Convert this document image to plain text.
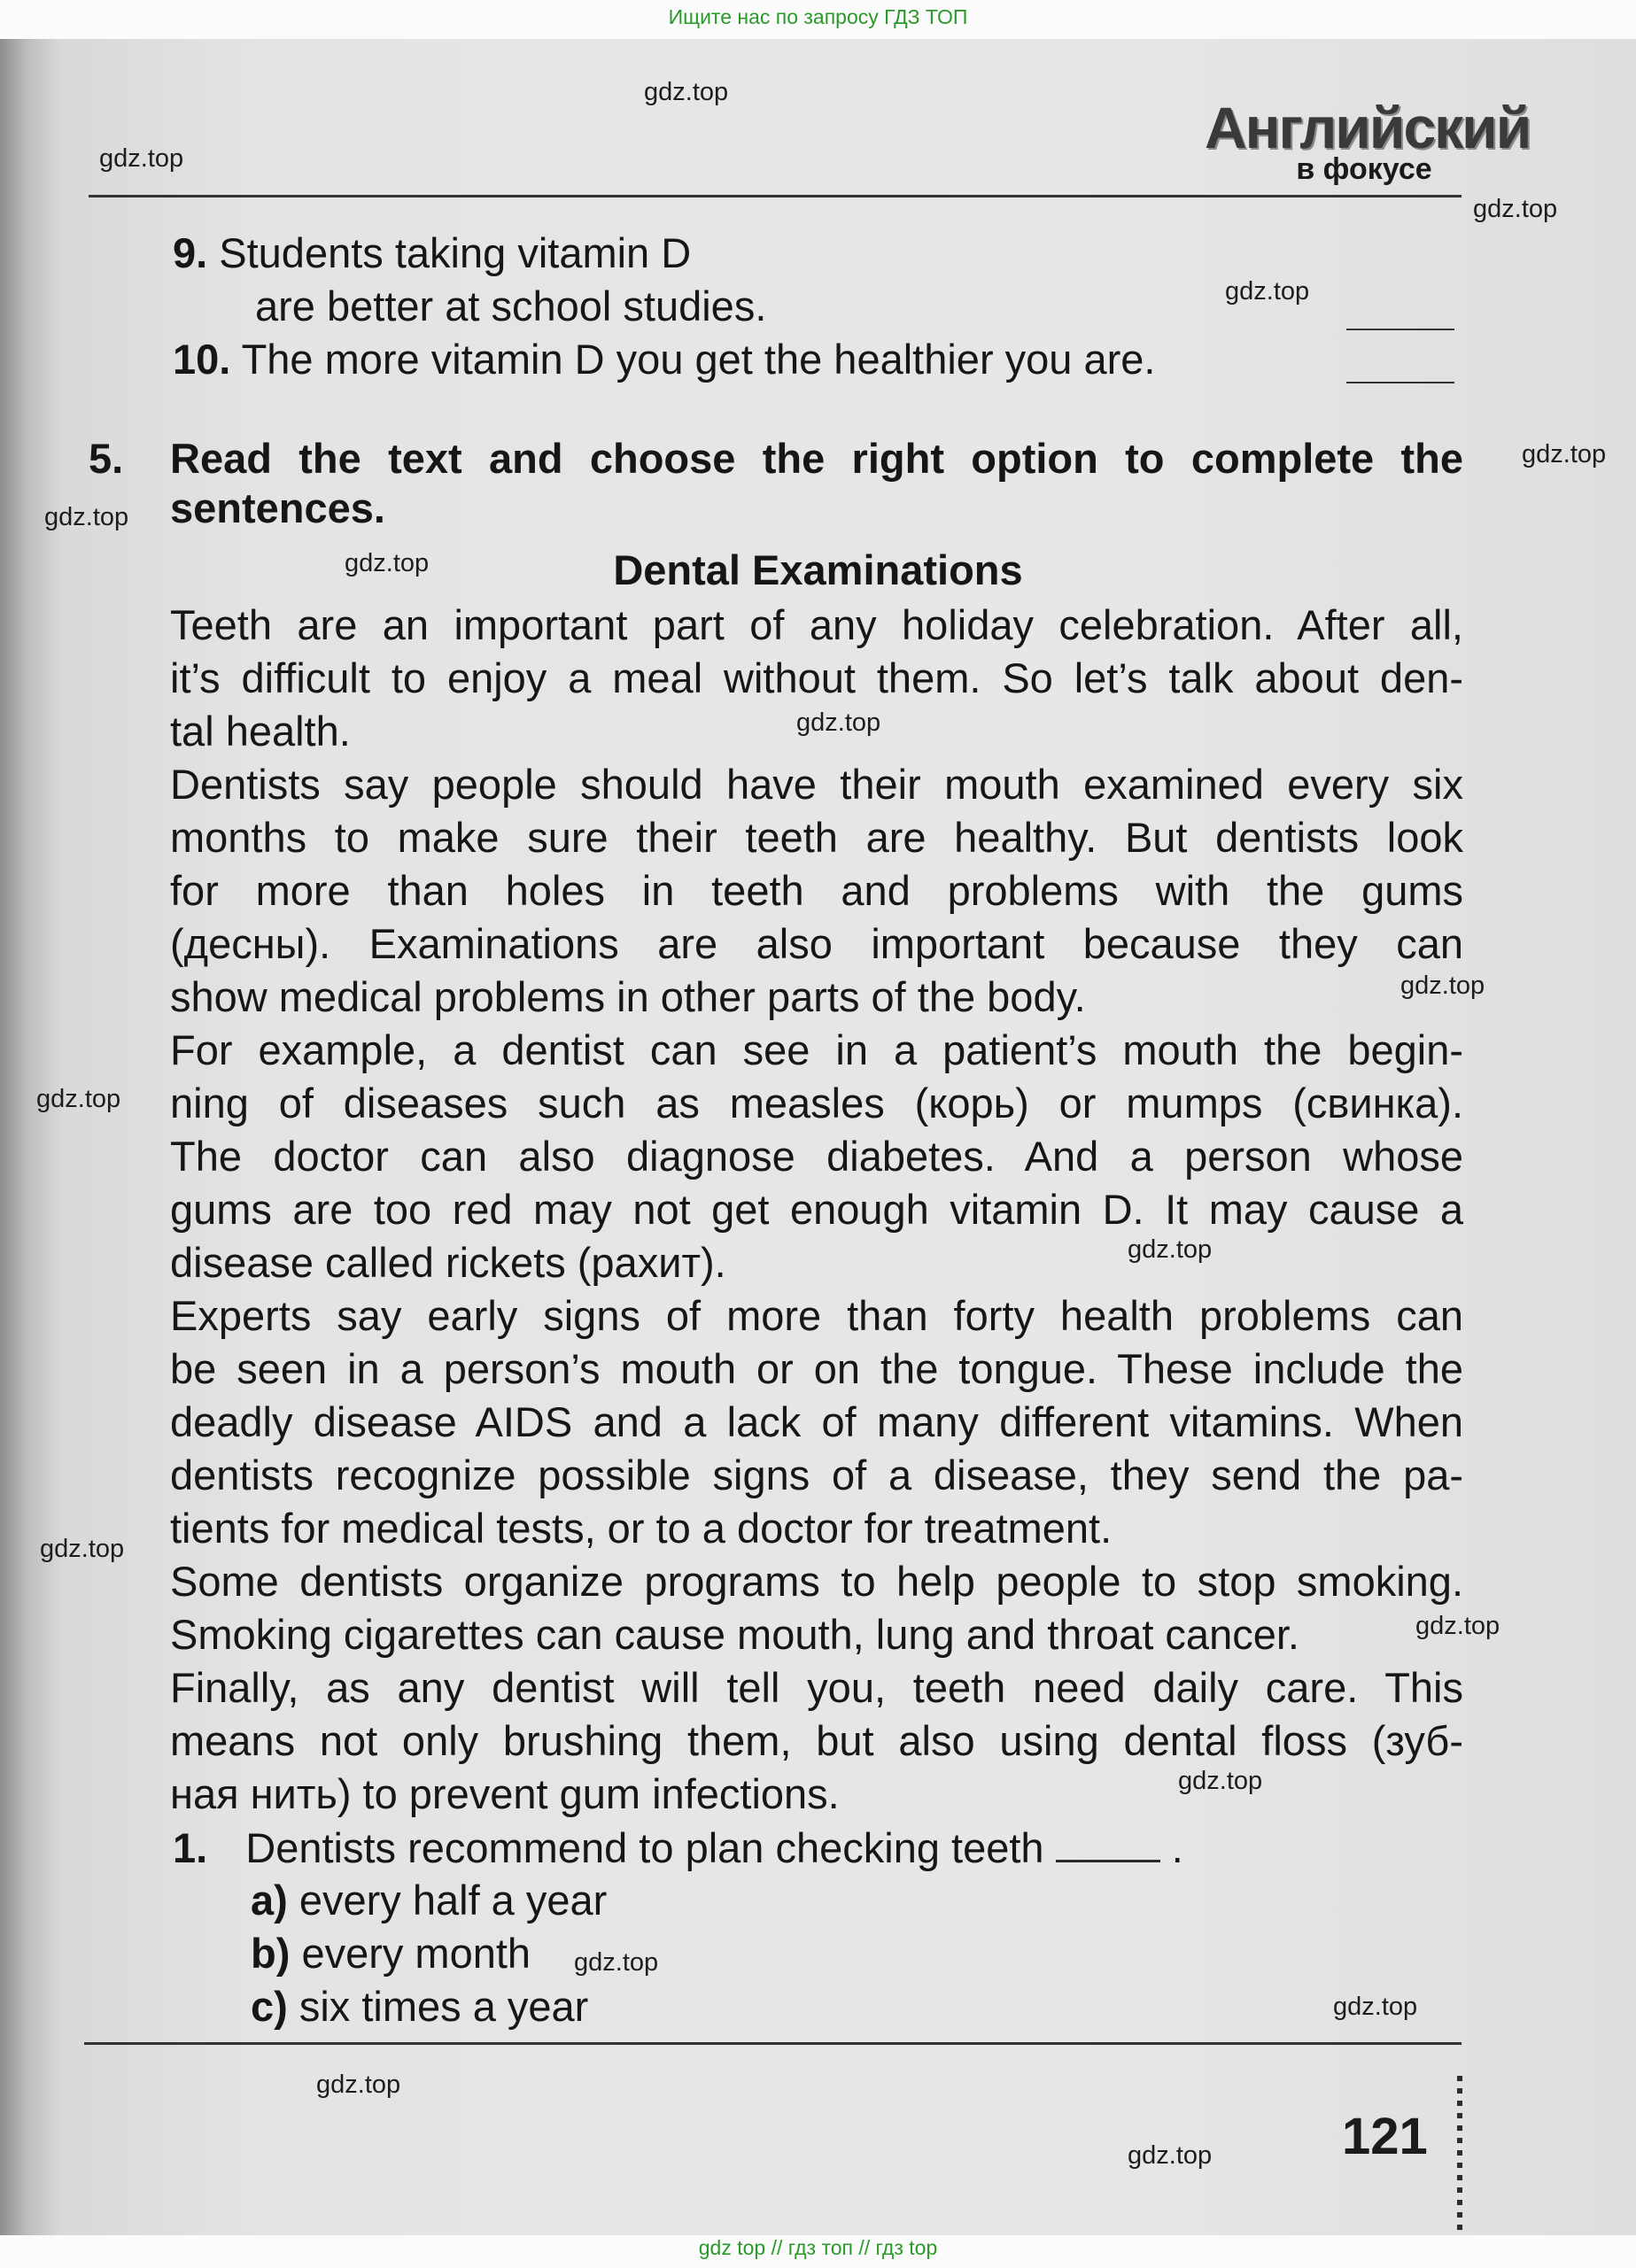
Ищите нас по запросу ГДЗ ТОП
Английский
в фокусе
9. Students taking vitamin D
are better at school studies.
10. The more vitamin D you get the healthier you are.
5. Read the text and choose the right option to complete the
sentences.
Dental Examinations
Teeth are an important part of any holiday celebration. After all,
it’s difficult to enjoy a meal without them. So let’s talk about den-
tal health.
Dentists say people should have their mouth examined every six
months to make sure their teeth are healthy. But dentists look
for more than holes in teeth and problems with the gums
(десны). Examinations are also important because they can
show medical problems in other parts of the body.
For example, a dentist can see in a patient’s mouth the begin-
ning of diseases such as measles (корь) or mumps (свинка).
The doctor can also diagnose diabetes. And a person whose
gums are too red may not get enough vitamin D. It may cause a
disease called rickets (рахит).
Experts say early signs of more than forty health problems can
be seen in a person’s mouth or on the tongue. These include the
deadly disease AIDS and a lack of many different vitamins. When
dentists recognize possible signs of a disease, they send the pa-
tients for medical tests, or to a doctor for treatment.
Some dentists organize programs to help people to stop smoking.
Smoking cigarettes can cause mouth, lung and throat cancer.
Finally, as any dentist will tell you, teeth need daily care. This
means not only brushing them, but also using dental floss (зуб-
ная нить) to prevent gum infections.
1. Dentists recommend to plan checking teeth	.
a) every half a year
b) every month
c) six times a year
121
gdz.top
gdz.top
gdz.top
gdz.top
gdz.top
gdz.top
gdz.top
gdz.top
gdz.top
gdz.top
gdz.top
gdz.top
gdz.top
gdz.top
gdz.top
gdz.top
gdz.top
gdz.top
gdz top // гдз топ // гдз top
